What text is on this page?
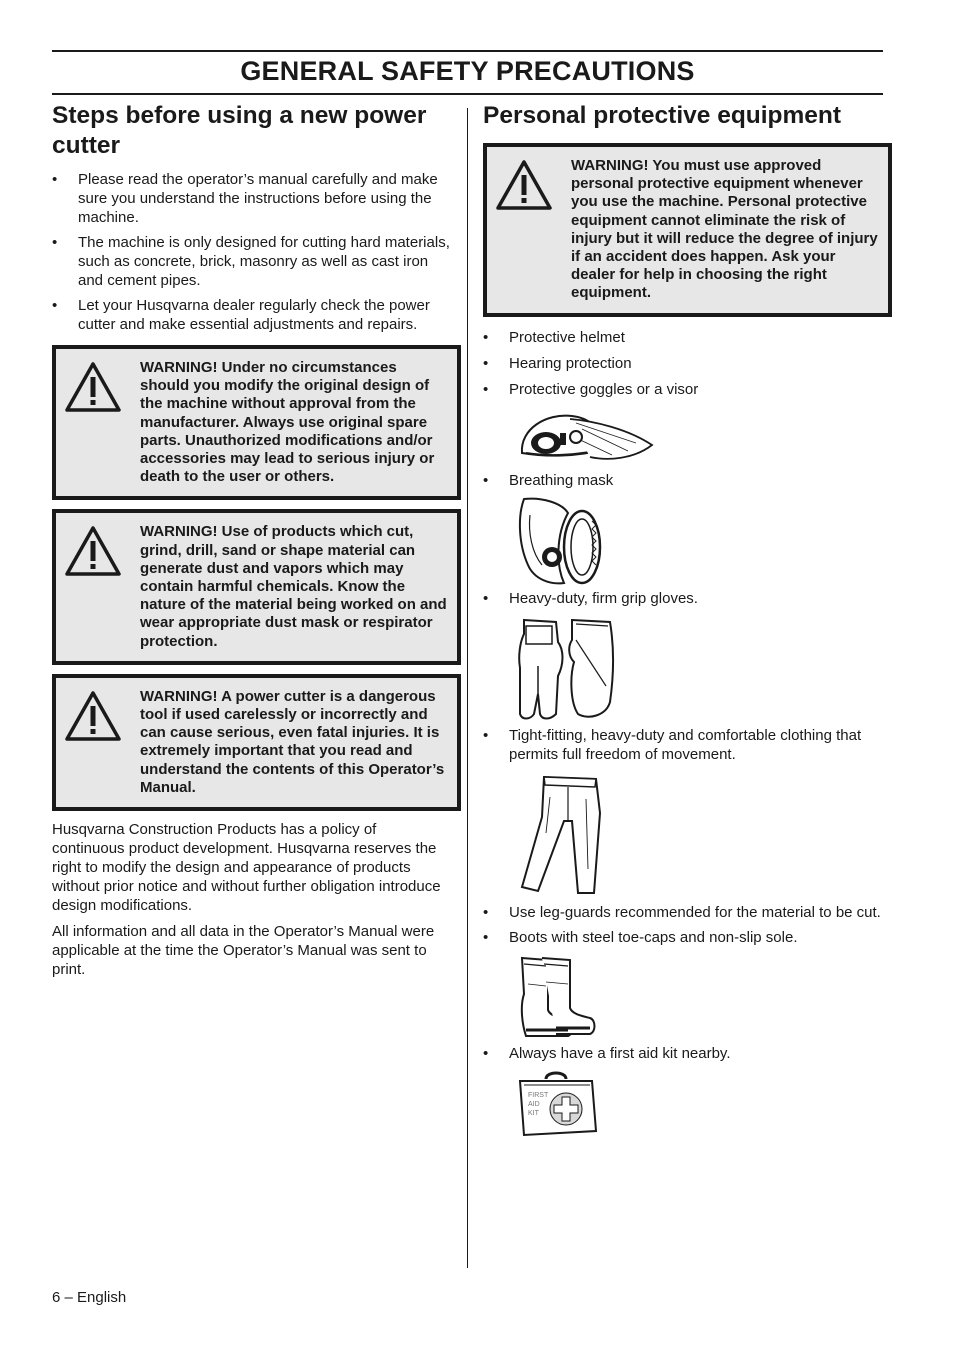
GENERAL SAFETY PRECAUTIONS
Steps before using a new power cutter
• Please read the operator’s manual carefully and make sure you understand the instructions before using the machine.
• The machine is only designed for cutting hard materials, such as concrete, brick, masonry as well as cast iron and cement pipes.
• Let your Husqvarna dealer regularly check the power cutter and make essential adjustments and repairs.
WARNING! Under no circumstances should you modify the original design of the machine without approval from the manufacturer. Always use original spare parts. Unauthorized modifications and/or accessories may lead to serious injury or death to the user or others.
WARNING! Use of products which cut, grind, drill, sand or shape material can generate dust and vapors which may contain harmful chemicals. Know the nature of the material being worked on and wear appropriate dust mask or respirator protection.
WARNING! A power cutter is a dangerous tool if used carelessly or incorrectly and can cause serious, even fatal injuries. It is extremely important that you read and understand the contents of this Operator’s Manual.

Husqvarna Construction Products has a policy of continuous product development. Husqvarna reserves the right to modify the design and appearance of products without prior notice and without further obligation introduce design modifications.

All information and all data in the Operator’s Manual were applicable at the time the Operator’s Manual was sent to print.

Personal protective equipment
WARNING! You must use approved personal protective equipment whenever you use the machine. Personal protective equipment cannot eliminate the risk of injury but it will reduce the degree of injury if an accident does happen. Ask your dealer for help in choosing the right equipment.
• Protective helmet
• Hearing protection
• Protective goggles or a visor
• Breathing mask
• Heavy-duty, firm grip gloves.
• Tight-fitting, heavy-duty and comfortable clothing that permits full freedom of movement.
• Use leg-guards recommended for the material to be cut.
• Boots with steel toe-caps and non-slip sole.
• Always have a first aid kit nearby.
FIRST
AID
KIT
6 – English
